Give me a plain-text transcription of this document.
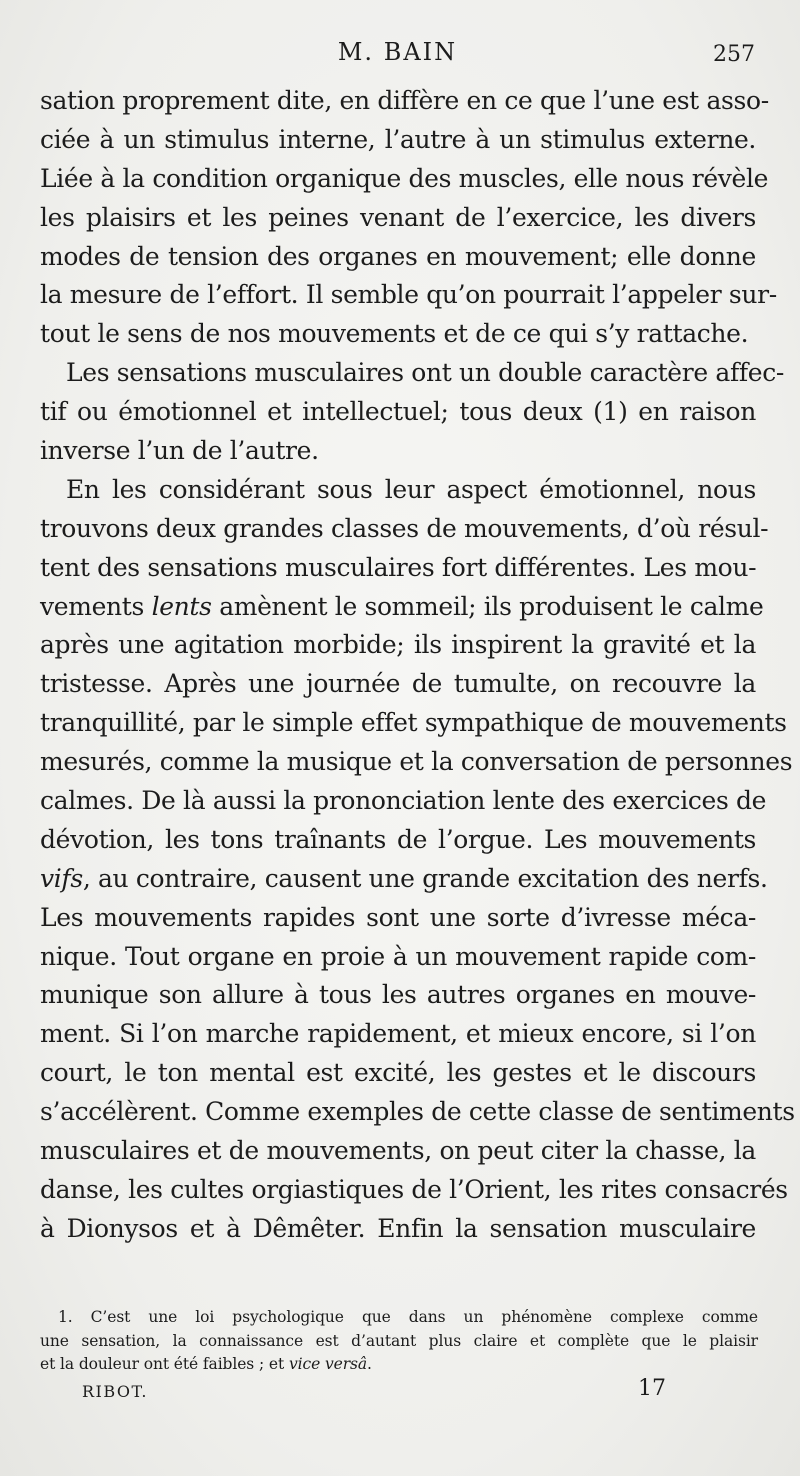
M. BAIN	257
sation proprement dite, en diffère en ce que l’une est asso-
ciée à un stimulus interne, l’autre à un stimulus externe.
Liée à la condition organique des muscles, elle nous révèle
les plaisirs et les peines venant de l’exercice, les divers
modes de tension des organes en mouvement; elle donne
la mesure de l’effort. Il semble qu’on pourrait l’appeler sur-
tout le sens de nos mouvements et de ce qui s’y rattache.
Les sensations musculaires ont un double caractère affec-
tif ou émotionnel et intellectuel; tous deux (1) en raison
inverse l’un de l’autre.
En les considérant sous leur aspect émotionnel, nous
trouvons deux grandes classes de mouvements, d’où résul-
tent des sensations musculaires fort différentes. Les mou-
vements lents amènent le sommeil; ils produisent le calme
après une agitation morbide; ils inspirent la gravité et la
tristesse. Après une journée de tumulte, on recouvre la
tranquillité, par le simple effet sympathique de mouvements
mesurés, comme la musique et la conversation de personnes
calmes. De là aussi la prononciation lente des exercices de
dévotion, les tons traînants de l’orgue. Les mouvements
vifs, au contraire, causent une grande excitation des nerfs.
Les mouvements rapides sont une sorte d’ivresse méca-
nique. Tout organe en proie à un mouvement rapide com-
munique son allure à tous les autres organes en mouve-
ment. Si l’on marche rapidement, et mieux encore, si l’on
court, le ton mental est excité, les gestes et le discours
s’accélèrent. Comme exemples de cette classe de sentiments
musculaires et de mouvements, on peut citer la chasse, la
danse, les cultes orgiastiques de l’Orient, les rites consacrés
à Dionysos et à Dêmêter. Enfin la sensation musculaire
1. C’est une loi psychologique que dans un phénomène complexe comme
une sensation, la connaissance est d’autant plus claire et complète que le plaisir
et la douleur ont été faibles ; et vice versâ.
RIBOT.	17
